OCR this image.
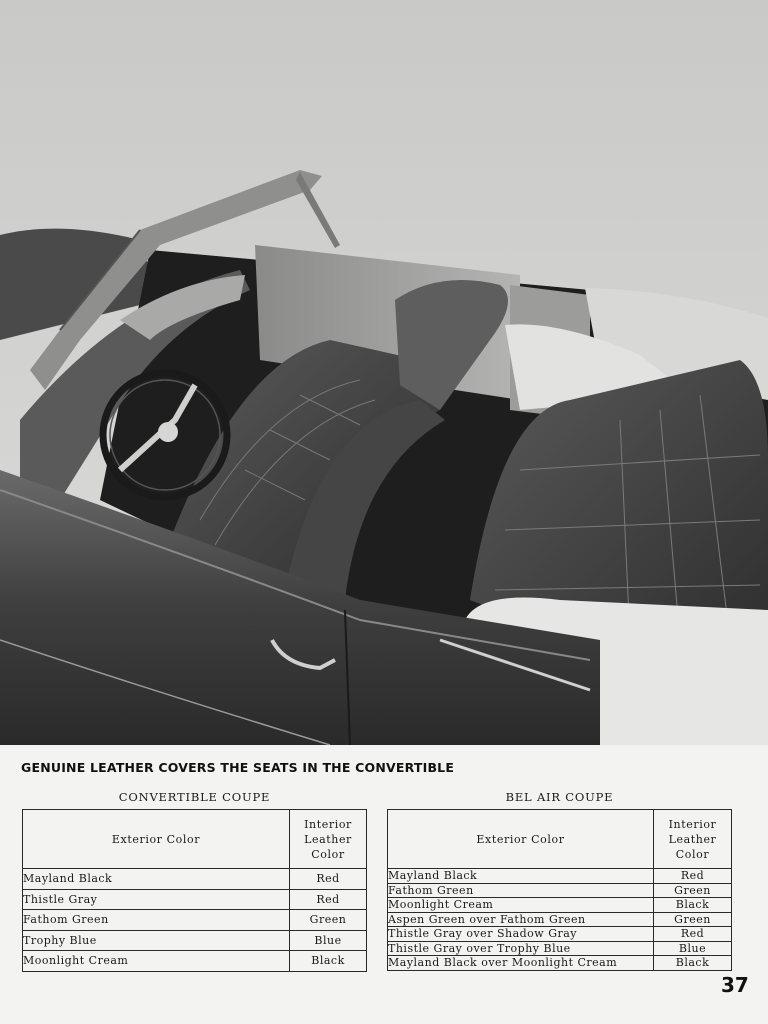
GENUINE LEATHER COVERS THE SEATS IN THE CONVERTIBLE
CONVERTIBLE COUPE
Exterior Color	Interior
Leather
Color

Mayland Black	Red
Thistle Gray	Red
Fathom Green	Green
Trophy Blue	Blue
Moonlight Cream	Black
BEL AIR COUPE
Exterior Color	Interior
Leather
Color

Mayland Black	Red
Fathom Green	Green
Moonlight Cream	Black
Aspen Green over Fathom Green	Green
Thistle Gray over Shadow Gray	Red
Thistle Gray over Trophy Blue	Blue
Mayland Black over Moonlight Cream	Black
37
